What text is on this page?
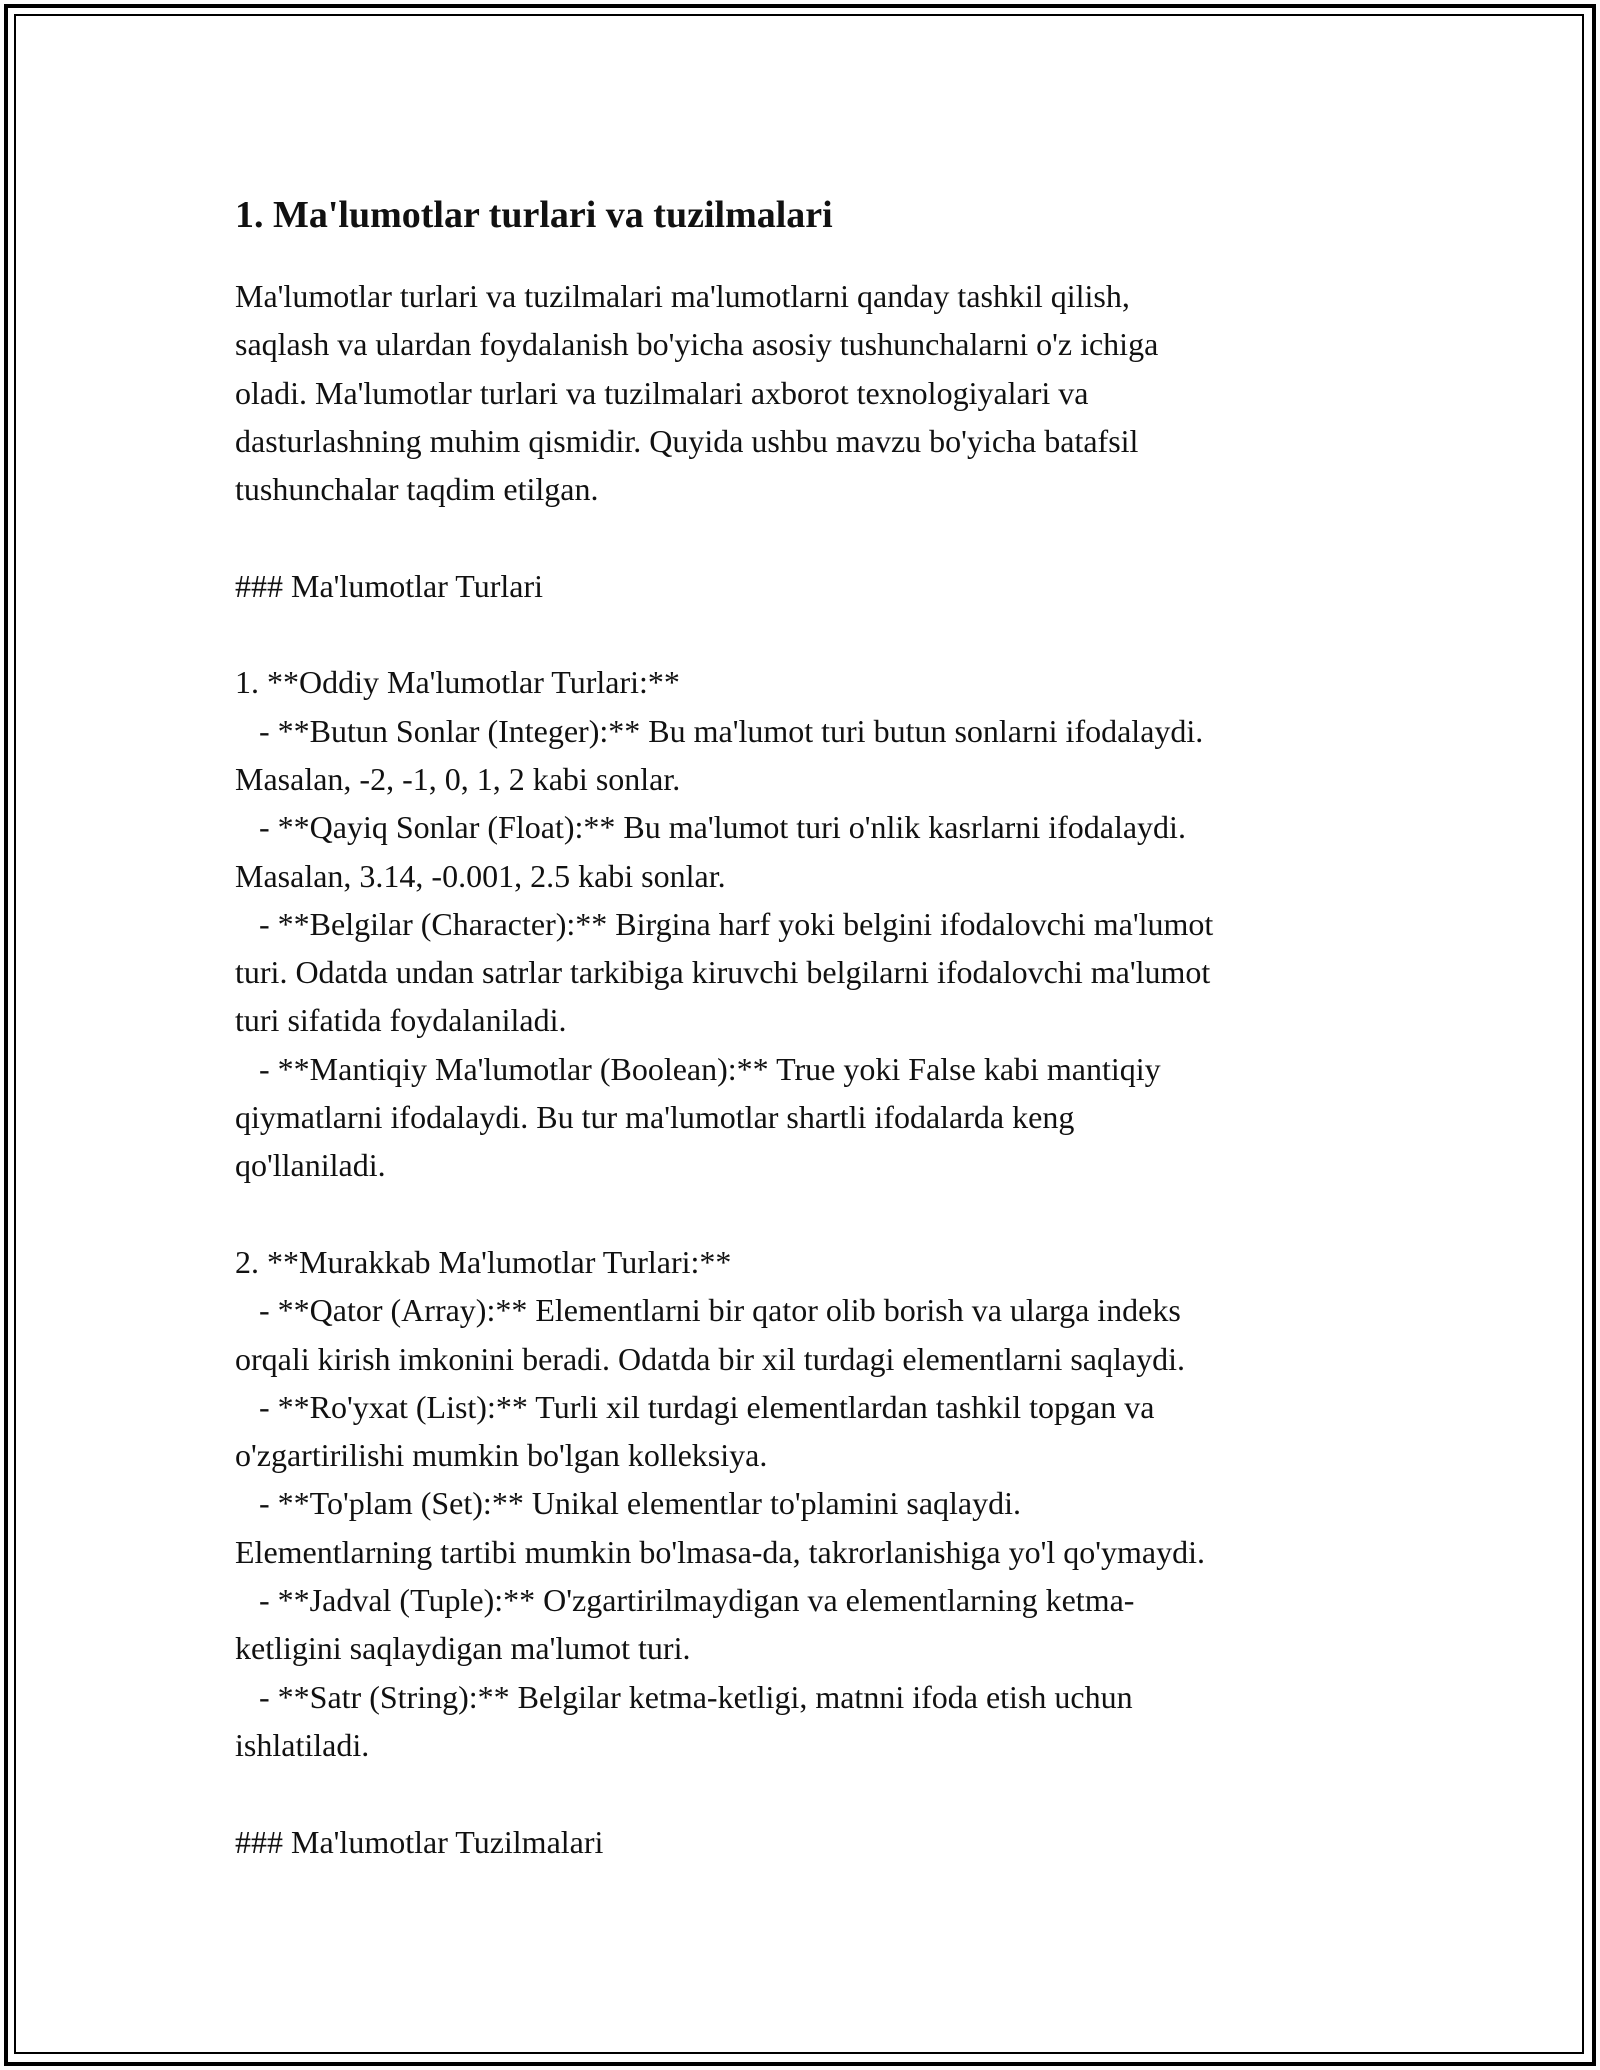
1. Ma'lumotlar turlari va tuzilmalari
Ma'lumotlar turlari va tuzilmalari ma'lumotlarni qanday tashkil qilish,
saqlash va ulardan foydalanish bo'yicha asosiy tushunchalarni o'z ichiga
oladi. Ma'lumotlar turlari va tuzilmalari axborot texnologiyalari va
dasturlashning muhim qismidir. Quyida ushbu mavzu bo'yicha batafsil
tushunchalar taqdim etilgan.

### Ma'lumotlar Turlari

1. **Oddiy Ma'lumotlar Turlari:**
- **Butun Sonlar (Integer):** Bu ma'lumot turi butun sonlarni ifodalaydi.
Masalan, -2, -1, 0, 1, 2 kabi sonlar.
- **Qayiq Sonlar (Float):** Bu ma'lumot turi o'nlik kasrlarni ifodalaydi.
Masalan, 3.14, -0.001, 2.5 kabi sonlar.
- **Belgilar (Character):** Birgina harf yoki belgini ifodalovchi ma'lumot
turi. Odatda undan satrlar tarkibiga kiruvchi belgilarni ifodalovchi ma'lumot
turi sifatida foydalaniladi.
- **Mantiqiy Ma'lumotlar (Boolean):** True yoki False kabi mantiqiy
qiymatlarni ifodalaydi. Bu tur ma'lumotlar shartli ifodalarda keng
qo'llaniladi.

2. **Murakkab Ma'lumotlar Turlari:**
- **Qator (Array):** Elementlarni bir qator olib borish va ularga indeks
orqali kirish imkonini beradi. Odatda bir xil turdagi elementlarni saqlaydi.
- **Ro'yxat (List):** Turli xil turdagi elementlardan tashkil topgan va
o'zgartirilishi mumkin bo'lgan kolleksiya.
- **To'plam (Set):** Unikal elementlar to'plamini saqlaydi.
Elementlarning tartibi mumkin bo'lmasa-da, takrorlanishiga yo'l qo'ymaydi.
- **Jadval (Tuple):** O'zgartirilmaydigan va elementlarning ketma-
ketligini saqlaydigan ma'lumot turi.
- **Satr (String):** Belgilar ketma-ketligi, matnni ifoda etish uchun
ishlatiladi.

### Ma'lumotlar Tuzilmalari
